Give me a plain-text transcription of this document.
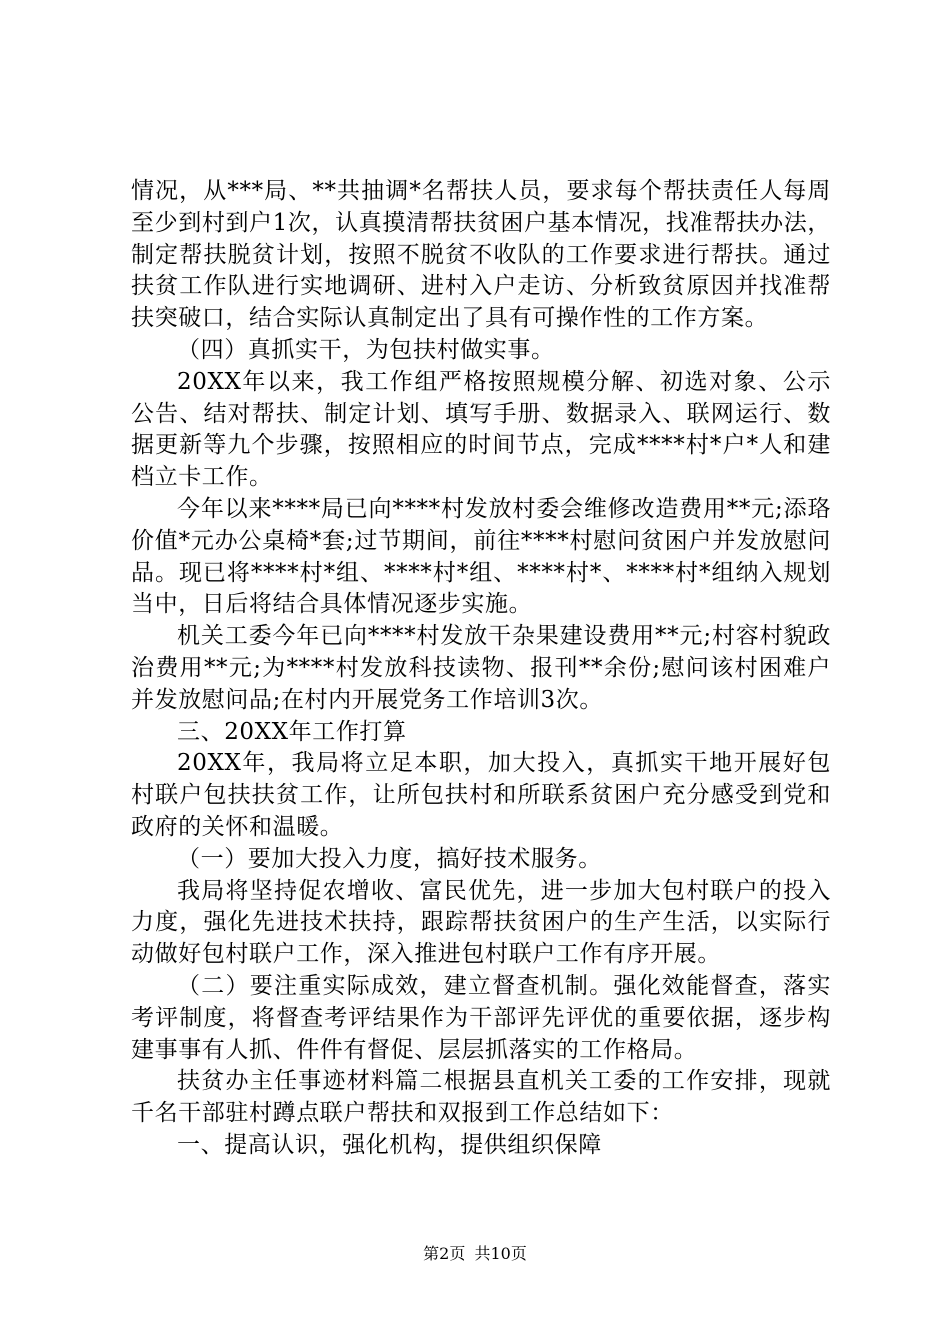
情况，从***局、**共抽调*名帮扶人员，要求每个帮扶责任人每周至少到村到户1次，认真摸清帮扶贫困户基本情况，找准帮扶办法，制定帮扶脱贫计划，按照不脱贫不收队的工作要求进行帮扶。通过扶贫工作队进行实地调研、进村入户走访、分析致贫原因并找准帮扶突破口，结合实际认真制定出了具有可操作性的工作方案。

（四）真抓实干，为包扶村做实事。

20XX年以来，我工作组严格按照规模分解、初选对象、公示公告、结对帮扶、制定计划、填写手册、数据录入、联网运行、数据更新等九个步骤，按照相应的时间节点，完成****村*户*人和建档立卡工作。

今年以来****局已向****村发放村委会维修改造费用**元;添珞价值*元办公桌椅*套;过节期间，前往****村慰问贫困户并发放慰问品。现已将****村*组、****村*组、****村*、****村*组纳入规划当中，日后将结合具体情况逐步实施。

机关工委今年已向****村发放干杂果建设费用**元;村容村貌政治费用**元;为****村发放科技读物、报刊**余份;慰问该村困难户并发放慰问品;在村内开展党务工作培训3次。

三、20XX年工作打算

20XX年，我局将立足本职，加大投入，真抓实干地开展好包村联户包扶扶贫工作，让所包扶村和所联系贫困户充分感受到党和政府的关怀和温暖。

（一）要加大投入力度，搞好技术服务。

我局将坚持促农增收、富民优先，进一步加大包村联户的投入力度，强化先进技术扶持，跟踪帮扶贫困户的生产生活，以实际行动做好包村联户工作，深入推进包村联户工作有序开展。

（二）要注重实际成效，建立督查机制。强化效能督查，落实考评制度，将督查考评结果作为干部评先评优的重要依据，逐步构建事事有人抓、件件有督促、层层抓落实的工作格局。

扶贫办主任事迹材料篇二根据县直机关工委的工作安排，现就千名干部驻村蹲点联户帮扶和双报到工作总结如下：

一、提高认识，强化机构，提供组织保障

第2页 共10页
